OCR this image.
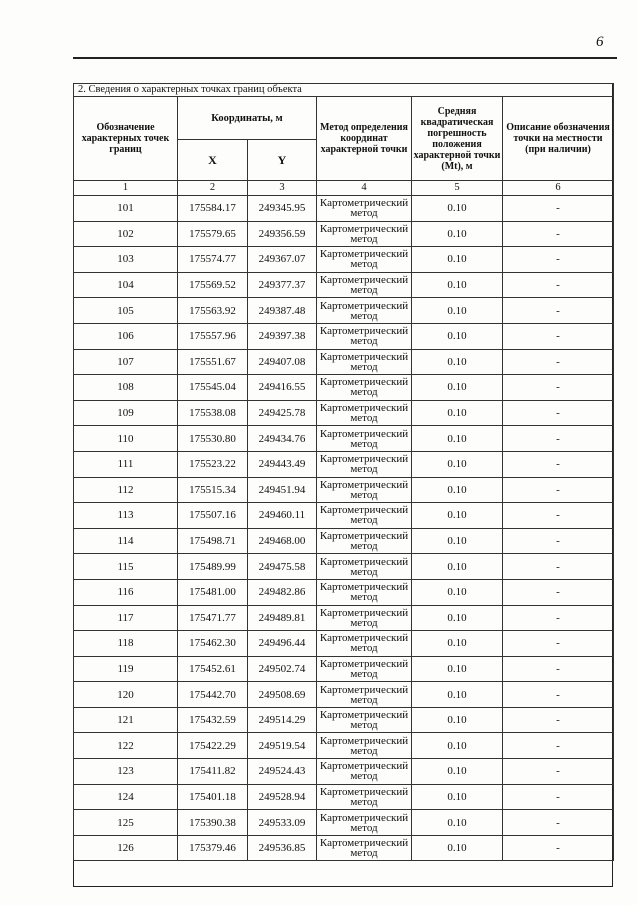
6
2. Сведения о характерных точках границ объекта					
Обозначение характерных точек границ	Координаты, м		Метод определения координат характерной точки	Средняя квадратическая погрешность положения характерной точки (Mt), м	Описание обозначения точки на местности (при наличии)
	X	Y			
1	2	3	4	5	6
101	175584.17	249345.95	Картометрический метод	0.10	-
102	175579.65	249356.59	Картометрический метод	0.10	-
103	175574.77	249367.07	Картометрический метод	0.10	-
104	175569.52	249377.37	Картометрический метод	0.10	-
105	175563.92	249387.48	Картометрический метод	0.10	-
106	175557.96	249397.38	Картометрический метод	0.10	-
107	175551.67	249407.08	Картометрический метод	0.10	-
108	175545.04	249416.55	Картометрический метод	0.10	-
109	175538.08	249425.78	Картометрический метод	0.10	-
110	175530.80	249434.76	Картометрический метод	0.10	-
111	175523.22	249443.49	Картометрический метод	0.10	-
112	175515.34	249451.94	Картометрический метод	0.10	-
113	175507.16	249460.11	Картометрический метод	0.10	-
114	175498.71	249468.00	Картометрический метод	0.10	-
115	175489.99	249475.58	Картометрический метод	0.10	-
116	175481.00	249482.86	Картометрический метод	0.10	-
117	175471.77	249489.81	Картометрический метод	0.10	-
118	175462.30	249496.44	Картометрический метод	0.10	-
119	175452.61	249502.74	Картометрический метод	0.10	-
120	175442.70	249508.69	Картометрический метод	0.10	-
121	175432.59	249514.29	Картометрический метод	0.10	-
122	175422.29	249519.54	Картометрический метод	0.10	-
123	175411.82	249524.43	Картометрический метод	0.10	-
124	175401.18	249528.94	Картометрический метод	0.10	-
125	175390.38	249533.09	Картометрический метод	0.10	-
126	175379.46	249536.85	Картометрический метод	0.10	-
